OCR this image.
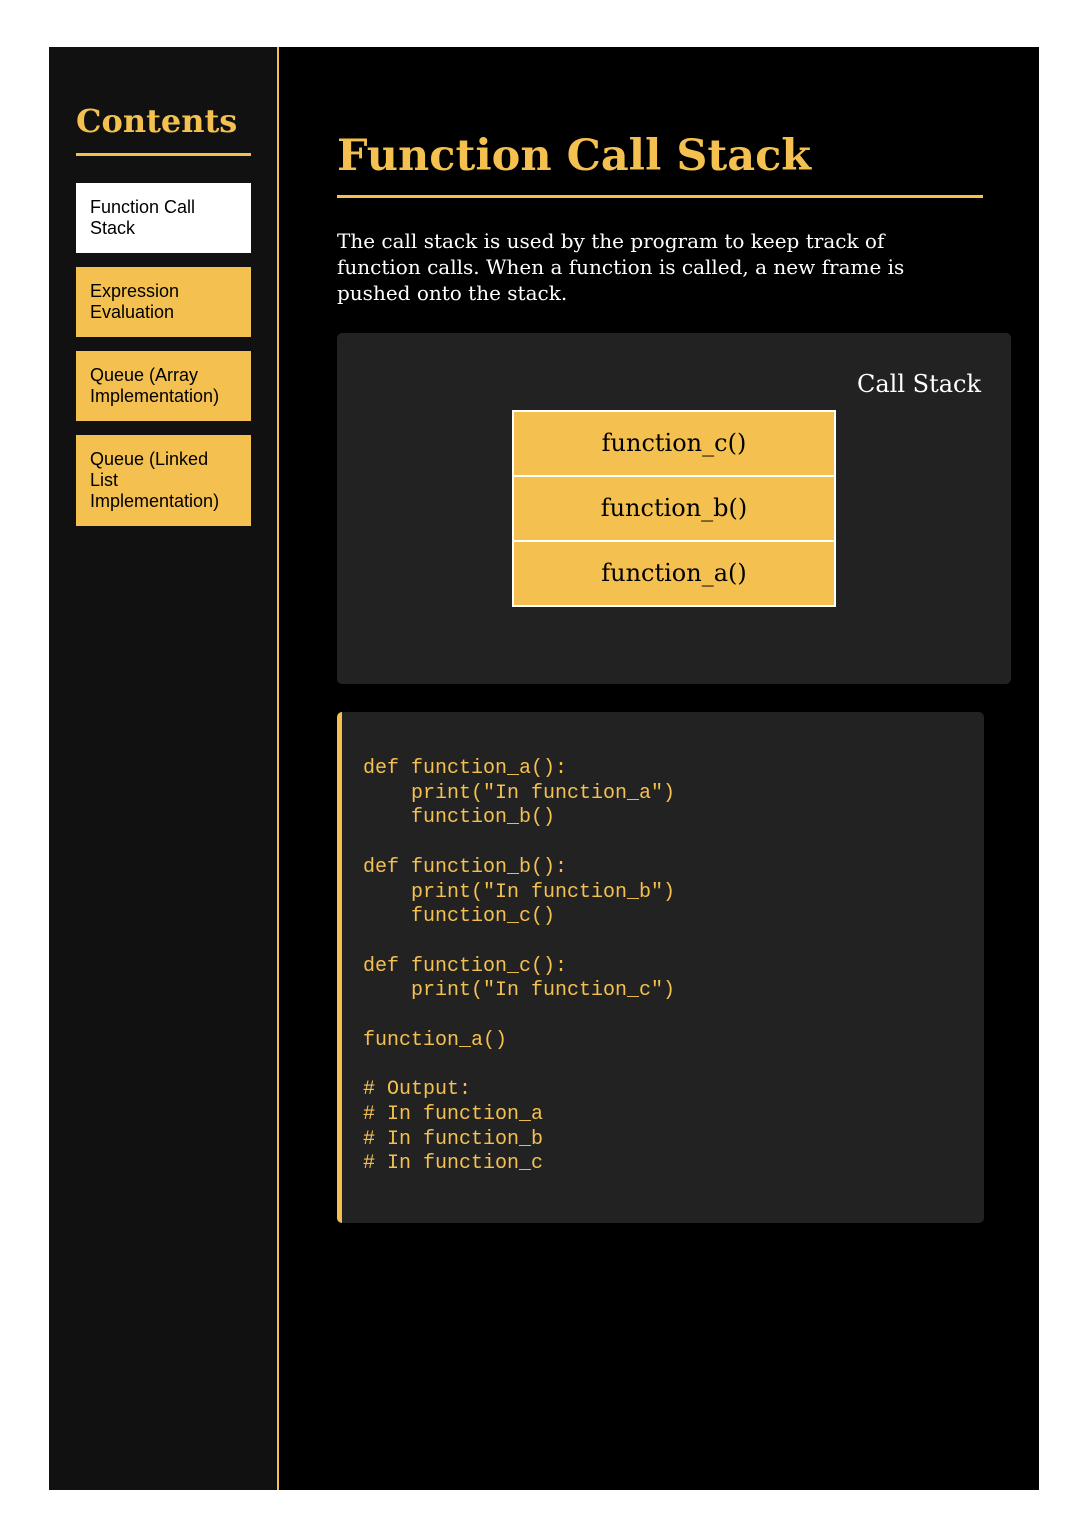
Contents
Function Call Stack
Expression Evaluation
Queue (Array Implementation)
Queue (Linked List Implementation)
Function Call Stack

The call stack is used by the program to keep track of function calls. When a function is called, a new frame is pushed onto the stack.

Call Stack
function_c()
function_b()
function_a()
def function_a():
print("In function_a")
function_b()

def function_b():
print("In function_b")
function_c()

def function_c():
print("In function_c")

function_a()

# Output:
# In function_a
# In function_b
# In function_c
